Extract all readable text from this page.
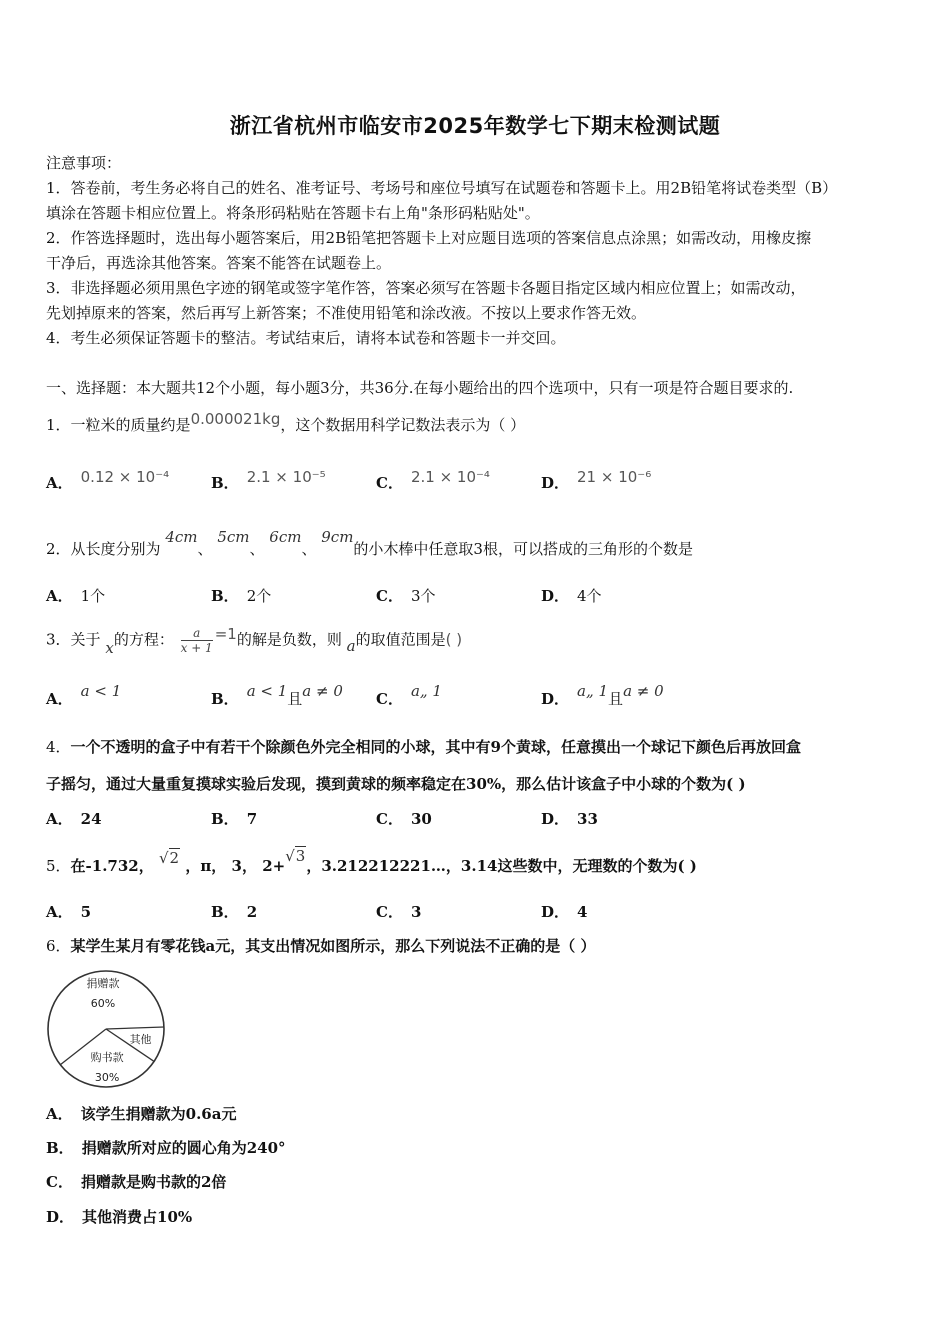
浙江省杭州市临安市2025年数学七下期末检测试题
注意事项：
1．答卷前，考生务必将自己的姓名、准考证号、考场号和座位号填写在试题卷和答题卡上。用2B铅笔将试卷类型（B）
填涂在答题卡相应位置上。将条形码粘贴在答题卡右上角"条形码粘贴处"。
2．作答选择题时，选出每小题答案后，用2B铅笔把答题卡上对应题目选项的答案信息点涂黑；如需改动，用橡皮擦
干净后，再选涂其他答案。答案不能答在试题卷上。
3．非选择题必须用黑色字迹的钢笔或签字笔作答，答案必须写在答题卡各题目指定区域内相应位置上；如需改动，
先划掉原来的答案，然后再写上新答案；不准使用铅笔和涂改液。不按以上要求作答无效。
4．考生必须保证答题卡的整洁。考试结束后，请将本试卷和答题卡一并交回。
一、选择题：本大题共12个小题，每小题3分，共36分.在每小题给出的四个选项中，只有一项是符合题目要求的.
1．一粒米的质量约是0.000021kg，这个数据用科学记数法表示为（ ）
A． 0.12 × 10⁻⁴	B． 2.1 × 10⁻⁵	C． 2.1 × 10⁻⁴	D． 21 × 10⁻⁶
2．从长度分别为 4cm、 5cm、 6cm、 9cm的小木棒中任意取3根，可以搭成的三角形的个数是
A． 1个	B． 2个	C． 3个	D． 4个
3．关于 x的方程： $\frac{a}{x + 1} =1$的解是负数，则 a的取值范围是( )
A． a < 1	B． a < 1且a ≠ 0 C． a„ 1	D． a„ 1且a ≠ 0
4．一个不透明的盒子中有若干个除颜色外完全相同的小球，其中有9个黄球，任意摸出一个球记下颜色后再放回盒
子摇匀，通过大量重复摸球实验后发现，摸到黄球的频率稳定在30%，那么估计该盒子中小球的个数为( )
A． 24	B． 7	C． 30	D． 33
5．在-1.732， √2 ，π， 3， 2+√3，3.212212221…，3.14这些数中，无理数的个数为( )
A． 5	B． 2	C． 3	D． 4
6．某学生某月有零花钱a元，其支出情况如图所示，那么下列说法不正确的是（ ）
捐赠款
60%
购书款
30%
其他
A． 该学生捐赠款为0.6a元
B． 捐赠款所对应的圆心角为240°
C． 捐赠款是购书款的2倍
D． 其他消费占10%
